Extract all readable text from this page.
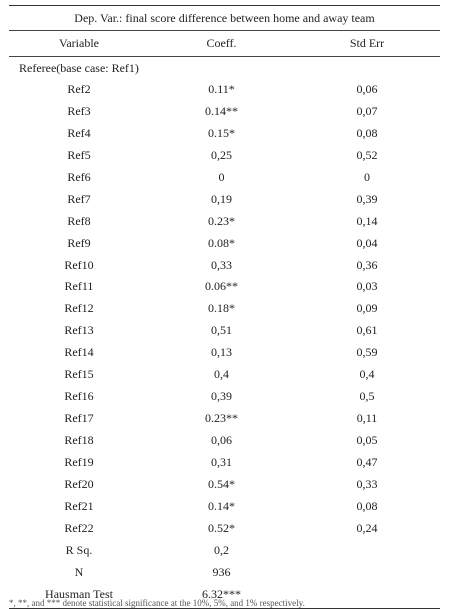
Dep. Var.: final score difference between home and away team
Variable	Coeff.	Std Err
Referee(base case: Ref1)
Ref2	0.11*	0,06
Ref3	0.14**	0,07
Ref4	0.15*	0,08
Ref5	0,25	0,52
Ref6	0	0
Ref7	0,19	0,39
Ref8	0.23*	0,14
Ref9	0.08*	0,04
Ref10	0,33	0,36
Ref11	0.06**	0,03
Ref12	0.18*	0,09
Ref13	0,51	0,61
Ref14	0,13	0,59
Ref15	0,4	0,4
Ref16	0,39	0,5
Ref17	0.23**	0,11
Ref18	0,06	0,05
Ref19	0,31	0,47
Ref20	0.54*	0,33
Ref21	0.14*	0,08
Ref22	0.52*	0,24
R Sq.	0,2
N	936
Hausman Test	6.32***
*, **, and *** denote statistical significance at the 10%, 5%, and 1% respectively.
